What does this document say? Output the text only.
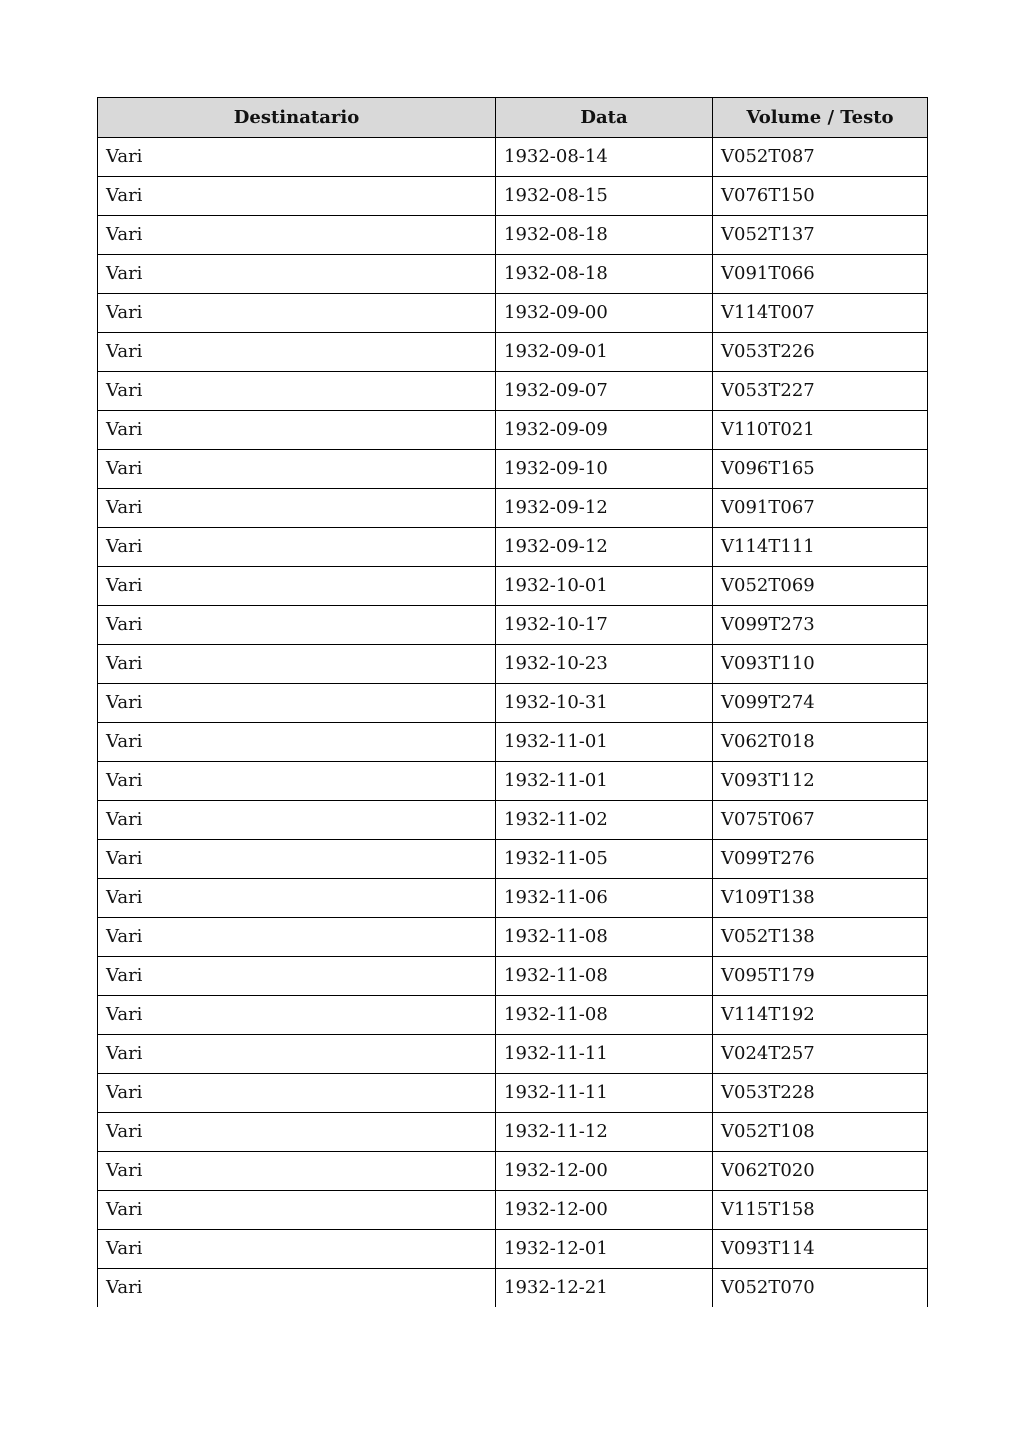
Destinatario	Data	Volume / Testo
Vari	1932-08-14	V052T087
Vari	1932-08-15	V076T150
Vari	1932-08-18	V052T137
Vari	1932-08-18	V091T066
Vari	1932-09-00	V114T007
Vari	1932-09-01	V053T226
Vari	1932-09-07	V053T227
Vari	1932-09-09	V110T021
Vari	1932-09-10	V096T165
Vari	1932-09-12	V091T067
Vari	1932-09-12	V114T111
Vari	1932-10-01	V052T069
Vari	1932-10-17	V099T273
Vari	1932-10-23	V093T110
Vari	1932-10-31	V099T274
Vari	1932-11-01	V062T018
Vari	1932-11-01	V093T112
Vari	1932-11-02	V075T067
Vari	1932-11-05	V099T276
Vari	1932-11-06	V109T138
Vari	1932-11-08	V052T138
Vari	1932-11-08	V095T179
Vari	1932-11-08	V114T192
Vari	1932-11-11	V024T257
Vari	1932-11-11	V053T228
Vari	1932-11-12	V052T108
Vari	1932-12-00	V062T020
Vari	1932-12-00	V115T158
Vari	1932-12-01	V093T114
Vari	1932-12-21	V052T070
